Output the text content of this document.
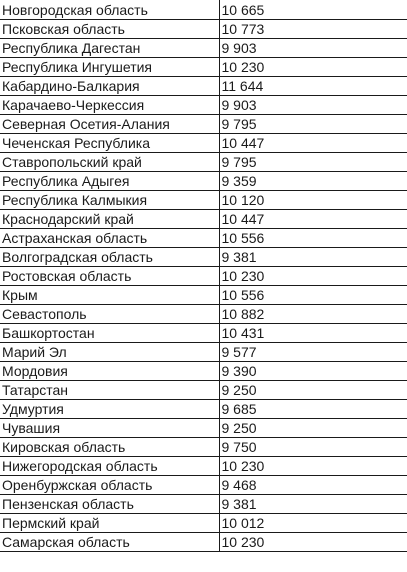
Новгородская область	10 665
Псковская область	10 773
Республика Дагестан	9 903
Республика Ингушетия	10 230
Кабардино-Балкария	11 644
Карачаево-Черкессия	9 903
Северная Осетия-Алания	9 795
Чеченская Республика	10 447
Ставропольский край	9 795
Республика Адыгея	9 359
Республика Калмыкия	10 120
Краснодарский край	10 447
Астраханская область	10 556
Волгоградская область	9 381
Ростовская область	10 230
Крым	10 556
Севастополь	10 882
Башкортостан	10 431
Марий Эл	9 577
Мордовия	9 390
Татарстан	9 250
Удмуртия	9 685
Чувашия	9 250
Кировская область	9 750
Нижегородская область	10 230
Оренбуржская область	9 468
Пензенская область	9 381
Пермский край	10 012
Самарская область	10 230
